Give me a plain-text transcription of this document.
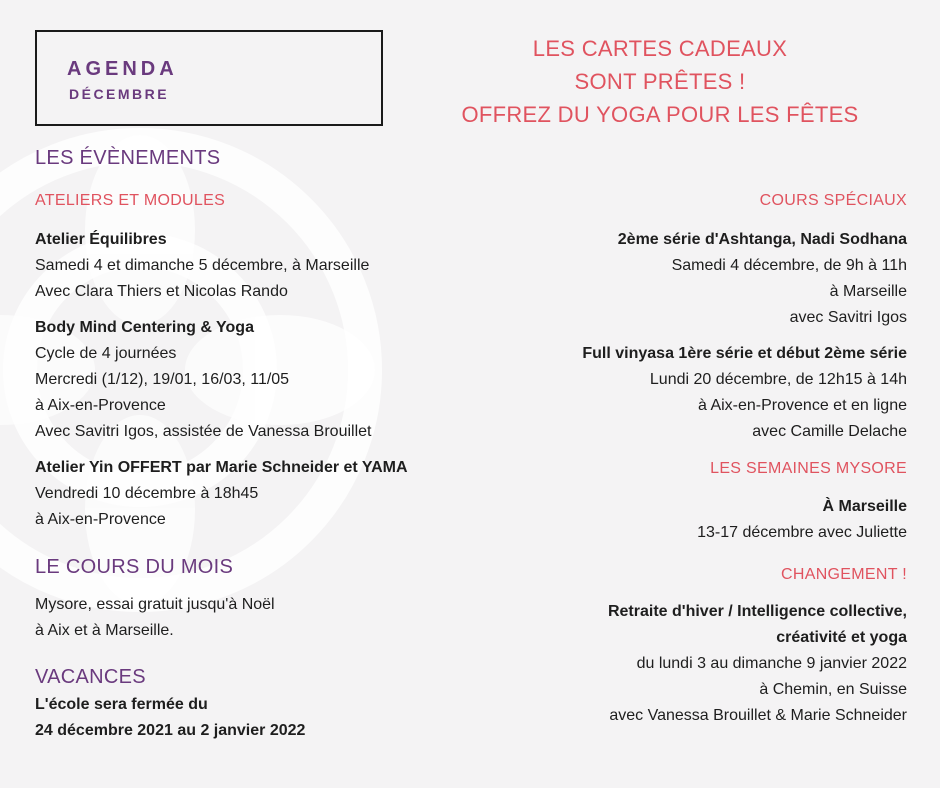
AGENDA
DÉCEMBRE
LES CARTES CADEAUX
SONT PRÊTES !
OFFREZ DU YOGA POUR LES FÊTES
LES ÉVÈNEMENTS
ATELIERS ET MODULES
Atelier Équilibres
Samedi 4 et dimanche 5 décembre, à Marseille
Avec Clara Thiers et Nicolas Rando
Body Mind Centering & Yoga
Cycle de 4 journées
Mercredi (1/12), 19/01, 16/03, 11/05
à Aix-en-Provence
Avec Savitri Igos, assistée de Vanessa Brouillet
Atelier Yin OFFERT par Marie Schneider et YAMA
Vendredi 10 décembre à 18h45
à Aix-en-Provence
LE COURS DU MOIS
Mysore, essai gratuit jusqu'à Noël
à Aix et à Marseille.
VACANCES
L'école sera fermée du
24 décembre 2021 au 2 janvier 2022
COURS SPÉCIAUX
2ème série d'Ashtanga, Nadi Sodhana
Samedi 4 décembre, de 9h à 11h
à Marseille
avec Savitri Igos
Full vinyasa 1ère série et début 2ème série
Lundi 20 décembre, de 12h15 à 14h
à Aix-en-Provence et en ligne
avec Camille Delache
LES SEMAINES MYSORE
À Marseille
13-17 décembre avec Juliette
CHANGEMENT !
Retraite d'hiver / Intelligence collective,
créativité et yoga
du lundi 3 au dimanche 9 janvier 2022
à Chemin, en Suisse
avec Vanessa Brouillet & Marie Schneider
